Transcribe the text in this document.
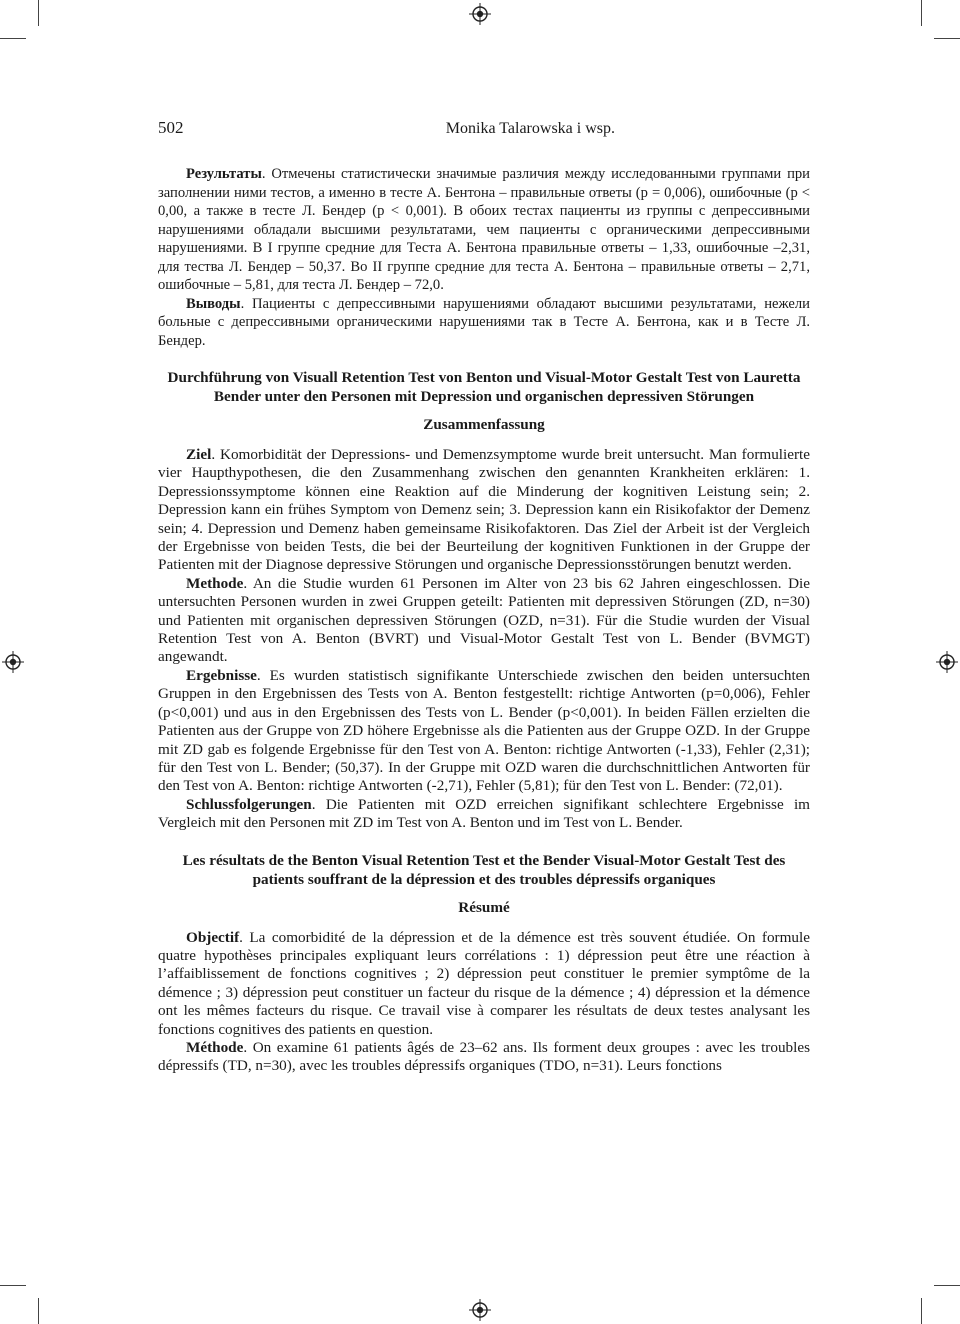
502	Monika Talarowska i wsp.

Результаты. Отмечены статистически значимые различия между исследованными группами при заполнении ними тестов, а именно в тесте А. Бентона – правильные ответы (p = 0,006), ошибочные (p < 0,00, а также в тесте Л. Бендер (p < 0,001). В обоих тестах пациенты из группы с депрессивными нарушениями обладали высшими результатами, чем пациенты с органическими депрессивными нарушениями. В I группе средние для Теста А. Бентона правильные ответы – 1,33, ошибочные –2,31, для тества Л. Бендер – 50,37. Во II группе средние для теста А. Бентона – правильные ответы – 2,71, ошибочные – 5,81, для теста Л. Бендер – 72,0.

Выводы. Пациенты с депрессивными нарушениями обладают высшими результатами, нежели больные с депрессивными органическими нарушениями так в Тесте А. Бентона, как и в Тесте Л. Бендер.

Durchführung von Visuall Retention Test von Benton und Visual-Motor Gestalt Test von Lauretta Bender unter den Personen mit Depression und organischen depressiven Störungen
Zusammenfassung

Ziel. Komorbidität der Depressions- und Demenzsymptome wurde breit untersucht. Man formulierte vier Haupthypothesen, die den Zusammenhang zwischen den genannten Krankheiten erklären: 1. Depressionssymptome können eine Reaktion auf die Minderung der kognitiven Leistung sein; 2. Depression kann ein frühes Symptom von Demenz sein; 3. Depression kann ein Risikofaktor der Demenz sein; 4. Depression und Demenz haben gemeinsame Risikofaktoren. Das Ziel der Arbeit ist der Vergleich der Ergebnisse von beiden Tests, die bei der Beurteilung der kognitiven Funktionen in der Gruppe der Patienten mit der Diagnose depressive Störungen und organische Depressionsstörungen benutzt werden.

Methode. An die Studie wurden 61 Personen im Alter von 23 bis 62 Jahren eingeschlossen. Die untersuchten Personen wurden in zwei Gruppen geteilt: Patienten mit depressiven Störungen (ZD, n=30) und Patienten mit organischen depressiven Störungen (OZD, n=31). Für die Studie wurden der Visual Retention Test von A. Benton (BVRT) und Visual-Motor Gestalt Test von L. Bender (BVMGT) angewandt.

Ergebnisse. Es wurden statistisch signifikante Unterschiede zwischen den beiden untersuchten Gruppen in den Ergebnissen des Tests von A. Benton festgestellt: richtige Antworten (p=0,006), Fehler (p<0,001) und aus in den Ergebnissen des Tests von L. Bender (p<0,001). In beiden Fällen erzielten die Patienten aus der Gruppe von ZD höhere Ergebnisse als die Patienten aus der Gruppe OZD. In der Gruppe mit ZD gab es folgende Ergebnisse für den Test von A. Benton: richtige Antworten (-1,33), Fehler (2,31); für den Test von L. Bender; (50,37). In der Gruppe mit OZD waren die durchschnittlichen Antworten für den Test von A. Benton: richtige Antworten (-2,71), Fehler (5,81); für den Test von L. Bender: (72,01).

Schlussfolgerungen. Die Patienten mit OZD erreichen signifikant schlechtere Ergebnisse im Vergleich mit den Personen mit ZD im Test von A. Benton und im Test von L. Bender.

Les résultats de the Benton Visual Retention Test et the Bender Visual-Motor Gestalt Test des patients souffrant de la dépression et des troubles dépressifs organiques
Résumé

Objectif. La comorbidité de la dépression et de la démence est très souvent étudiée. On formule quatre hypothèses principales expliquant leurs corrélations : 1) dépression peut être une réaction à l’affaiblissement de fonctions cognitives ; 2) dépression peut constituer le premier symptôme de la démence ; 3) dépression peut constituer un facteur du risque de la démence ; 4) dépression et la démence ont les mêmes facteurs du risque. Ce travail vise à comparer les résultats de deux testes analysant les fonctions cognitives des patients en question.

Méthode. On examine 61 patients âgés de 23–62 ans. Ils forment deux groupes : avec les troubles dépressifs (TD, n=30), avec les troubles dépressifs organiques (TDO, n=31). Leurs fonctions
